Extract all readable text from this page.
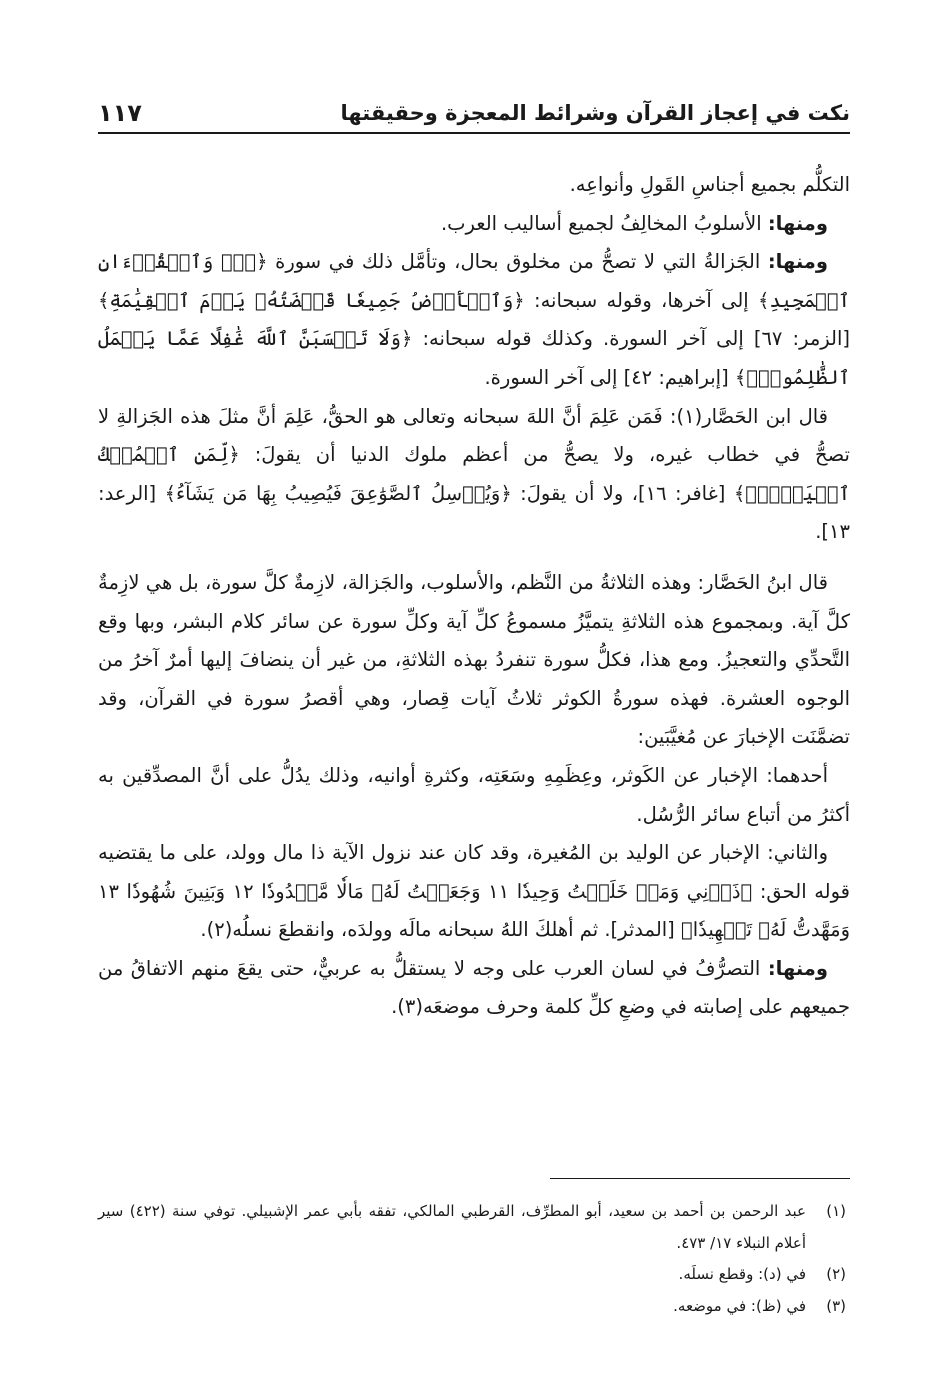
نكت في إعجاز القرآن وشرائط المعجزة وحقيقتها
١١٧

التكلُّم بجميع أجناسِ القَولِ وأنواعِه.

ومنها: الأسلوبُ المخالِفُ لجميع أساليب العرب.

ومنها: الجَزالةُ التي لا تصحُّ من مخلوق بحال، وتأمَّل ذلك في سورة ﴿قٓۚ وَٱلۡقُرۡءَانِ ٱلۡمَجِيدِ﴾ إلى آخرها، وقوله سبحانه: ﴿وَٱلۡأَرۡضُ جَمِيعٗا قَبۡضَتُهُۥ يَوۡمَ ٱلۡقِيَٰمَةِ﴾ [الزمر: ٦٧] إلى آخر السورة. وكذلك قوله سبحانه: ﴿وَلَا تَحۡسَبَنَّ ٱللَّهَ غَٰفِلًا عَمَّا يَعۡمَلُ ٱلظَّٰلِمُونَۚ﴾ [إبراهيم: ٤٢] إلى آخر السورة.

قال ابن الحَصَّار(١): فَمَن عَلِمَ أنَّ اللهَ سبحانه وتعالى هو الحقُّ، عَلِمَ أنَّ مثلَ هذه الجَزالةِ لا تصحُّ في خطاب غيره، ولا يصحُّ من أعظم ملوك الدنيا أن يقولَ: ﴿لِّمَنِ ٱلۡمُلۡكُ ٱلۡيَوۡمَۖ﴾ [غافر: ١٦]، ولا أن يقولَ: ﴿وَيُرۡسِلُ ٱلصَّوَٰعِقَ فَيُصِيبُ بِهَا مَن يَشَآءُ﴾ [الرعد: ١٣].

قال ابنُ الحَصَّار: وهذه الثلاثةُ من النَّظم، والأسلوب، والجَزالة، لازِمةٌ كلَّ سورة، بل هي لازِمةٌ كلَّ آية. وبمجموع هذه الثلاثةِ يتميَّزُ مسموعُ كلِّ آية وكلِّ سورة عن سائر كلام البشر، وبها وقع التَّحدِّي والتعجيزُ. ومع هذا، فكلُّ سورة تنفردُ بهذه الثلاثةِ، من غير أن ينضافَ إليها أمرٌ آخرُ من الوجوه العشرة. فهذه سورةُ الكوثر ثلاثُ آيات قِصار، وهي أقصرُ سورة في القرآن، وقد تضمَّنَت الإخبارَ عن مُغيَّبَين:

أحدهما: الإخبار عن الكَوثر، وعِظَمِهِ وسَعَتِه، وكثرةِ أوانيه، وذلك يدُلُّ على أنَّ المصدِّقين به أكثرُ من أتباع سائر الرُّسُل.

والثاني: الإخبار عن الوليد بن المُغيرة، وقد كان عند نزول الآية ذا مال وولد، على ما يقتضيه قوله الحق: ﴿ذَرۡنِي وَمَنۡ خَلَقۡتُ وَحِيدٗا ١١ وَجَعَلۡتُ لَهُۥ مَالٗا مَّمۡدُودٗا ١٢ وَبَنِينَ شُهُودٗا ١٣ وَمَهَّدتُّ لَهُۥ تَمۡهِيدٗا﴾ [المدثر]. ثم أهلكَ اللهُ سبحانه مالَه وولدَه، وانقطعَ نسلُه(٢).

ومنها: التصرُّفُ في لسان العرب على وجه لا يستقلُّ به عربيٌّ، حتى يقعَ منهم الاتفاقُ من جميعهم على إصابته في وضعِ كلِّ كلمة وحرف موضعَه(٣).

(١)
عبد الرحمن بن أحمد بن سعيد، أبو المطرِّف، القرطبي المالكي، تفقه بأبي عمر الإشبيلي. توفي سنة (٤٢٢) سير أعلام النبلاء ١٧/ ٤٧٣.
(٢)
في (د): وقطع نسلَه.
(٣)
في (ظ): في موضعه.
